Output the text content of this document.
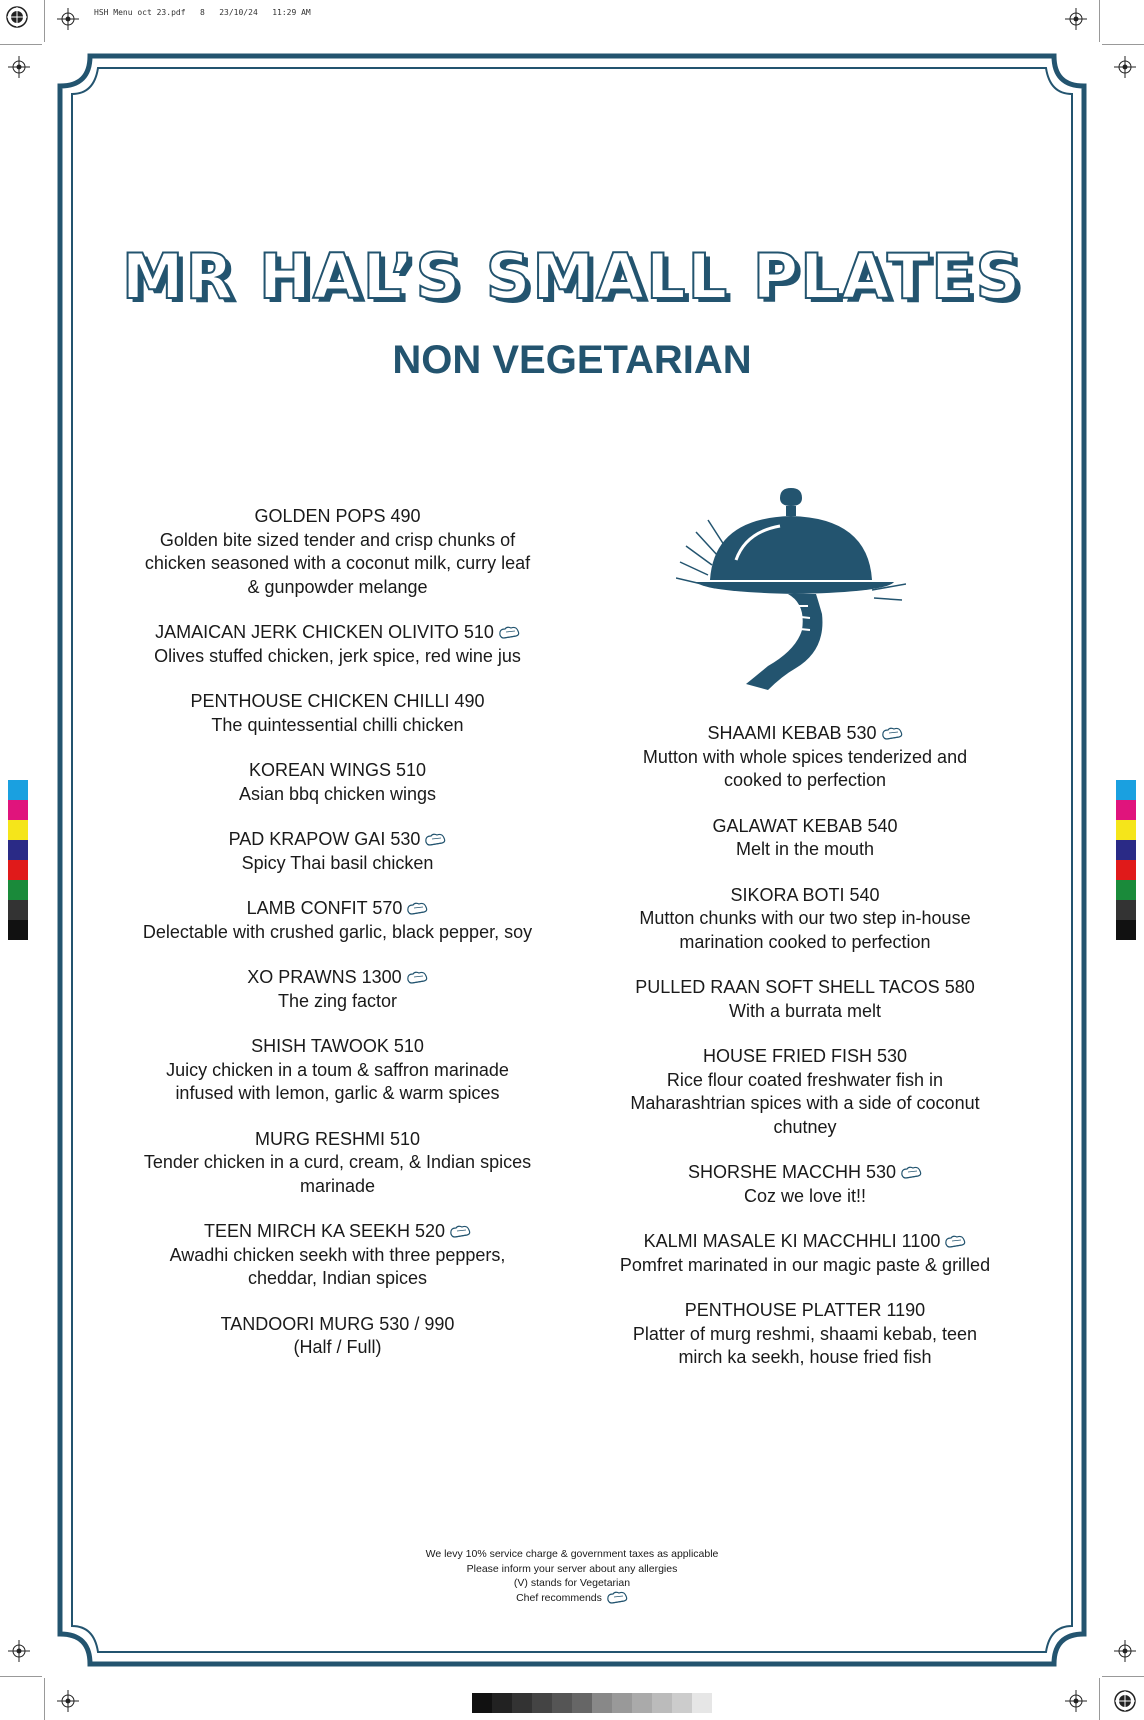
HSH Menu oct 23.pdf   8   23/10/24   11:29 AM
MR HAL’S SMALL PLATES
NON VEGETARIAN
GOLDEN POPS 490
Golden bite sized tender and crisp chunks of chicken seasoned with a coconut milk, curry leaf & gunpowder melange
JAMAICAN JERK CHICKEN OLIVITO 510
Olives stuffed chicken, jerk spice, red wine jus
PENTHOUSE CHICKEN CHILLI 490
The quintessential chilli chicken
KOREAN WINGS 510
Asian bbq chicken wings
PAD KRAPOW GAI 530
Spicy Thai basil chicken
LAMB CONFIT 570
Delectable with crushed garlic, black pepper, soy
XO PRAWNS 1300
The zing factor
SHISH TAWOOK 510
Juicy chicken in a toum & saffron marinade infused with lemon, garlic & warm spices
MURG RESHMI 510
Tender chicken in a curd, cream, & Indian spices marinade
TEEN MIRCH KA SEEKH 520
Awadhi chicken seekh with three peppers, cheddar, Indian spices
TANDOORI MURG 530 / 990
(Half / Full)
SHAAMI KEBAB 530
Mutton with whole spices tenderized and cooked to perfection
GALAWAT KEBAB 540
Melt in the mouth
SIKORA BOTI 540
Mutton chunks with our two step in-house marination cooked to perfection
PULLED RAAN SOFT SHELL TACOS 580
With a burrata melt
HOUSE FRIED FISH 530
Rice flour coated freshwater fish in Maharashtrian spices with a side of coconut chutney
SHORSHE MACCHH 530
Coz we love it!!
KALMI MASALE KI MACCHHLI 1100
Pomfret marinated in our magic paste & grilled
PENTHOUSE PLATTER 1190
Platter of murg reshmi, shaami kebab, teen mirch ka seekh, house fried fish
We levy 10% service charge & government taxes as applicable
Please inform your server about any allergies
(V) stands for Vegetarian
Chef recommends
